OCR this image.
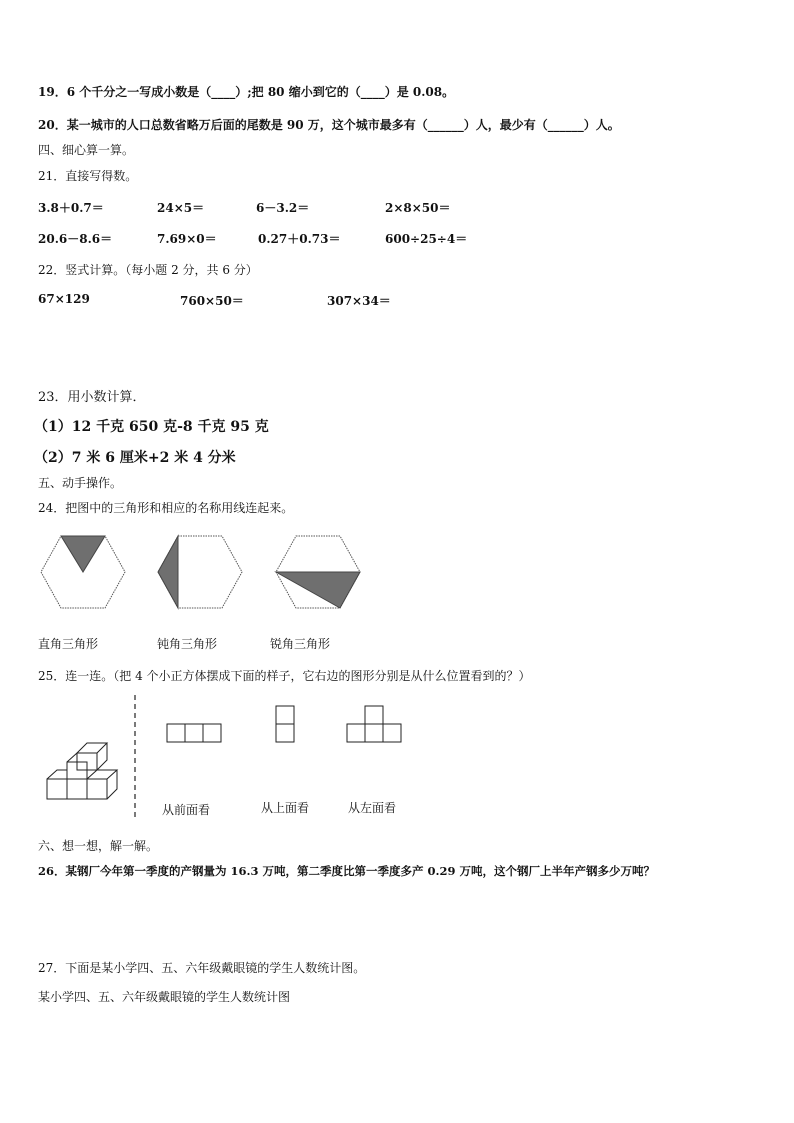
19．6 个千分之一写成小数是（____）;把 80 缩小到它的（____）是 0.08。
20．某一城市的人口总数省略万后面的尾数是 90 万，这个城市最多有（______）人，最少有（______）人。
四、细心算一算。
21．直接写得数。
3.8＋0.7＝	24×5＝	6－3.2＝	2×8×50＝
20.6－8.6＝	7.69×0＝	0.27＋0.73＝	600÷25÷4＝
22．竖式计算。（每小题 2 分，共 6 分）
67×129	760×50＝	307×34＝
23．用小数计算．
（1）12 千克 650 克-8 千克 95 克
（2）7 米 6 厘米+2 米 4 分米
五、动手操作。
24．把图中的三角形和相应的名称用线连起来。
直角三角形	钝角三角形	锐角三角形
25．连一连。（把 4 个小正方体摆成下面的样子，它右边的图形分别是从什么位置看到的？）
从前面看	从上面看	从左面看
六、想一想，解一解。
26．某钢厂今年第一季度的产钢量为 16.3 万吨，第二季度比第一季度多产 0.29 万吨，这个钢厂上半年产钢多少万吨？
27．下面是某小学四、五、六年级戴眼镜的学生人数统计图。
某小学四、五、六年级戴眼镜的学生人数统计图
